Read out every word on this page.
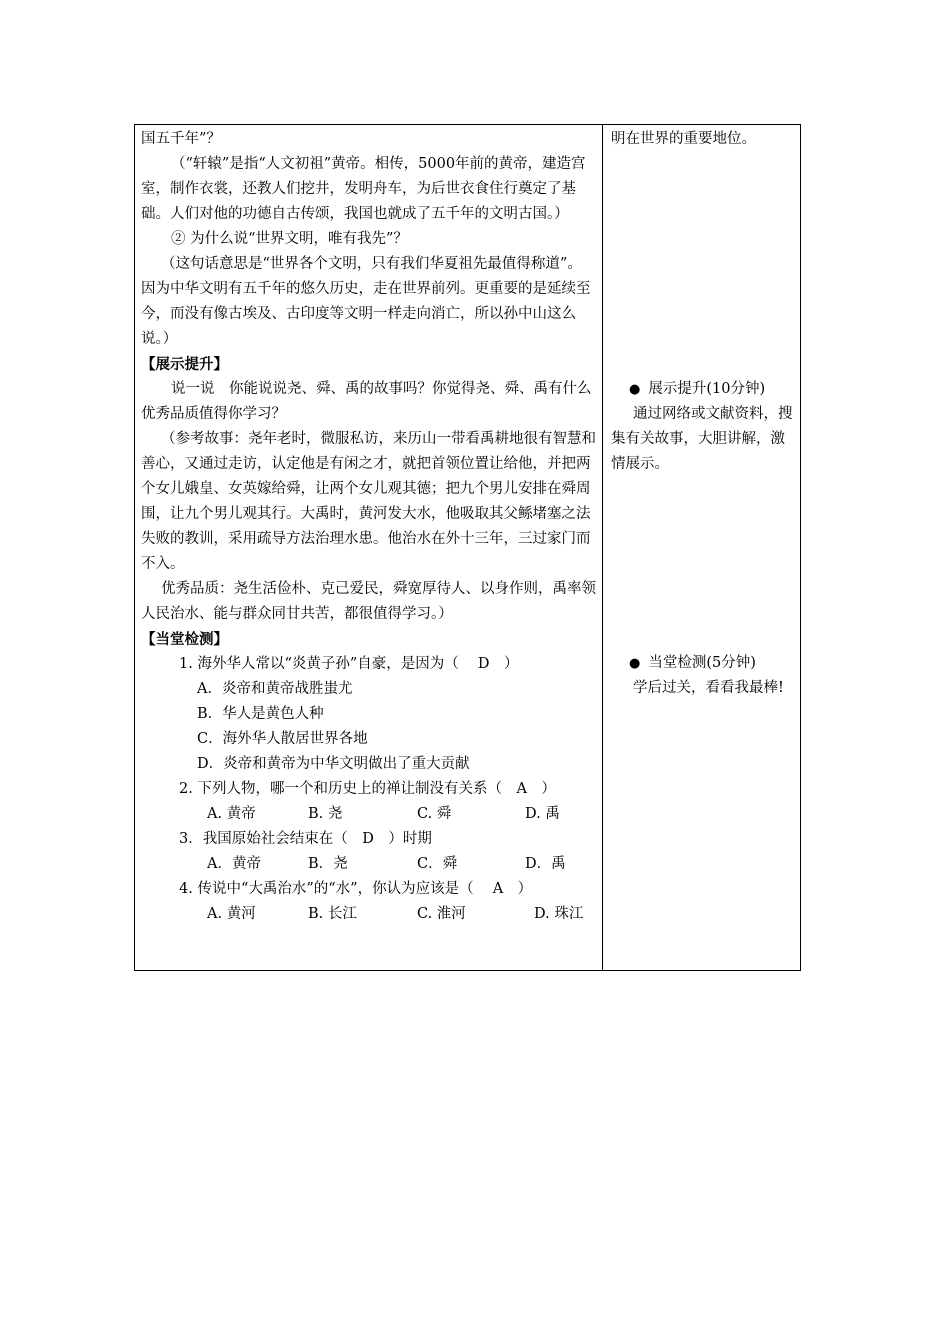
国五千年”？

（“轩辕”是指“人文初祖”黄帝。相传，5000年前的黄帝，建造宫室，制作衣裳，还教人们挖井，发明舟车，为后世衣食住行奠定了基础。人们对他的功德自古传颂，我国也就成了五千年的文明古国。）

② 为什么说“世界文明，唯有我先”？

（这句话意思是“世界各个文明，只有我们华夏祖先最值得称道”。因为中华文明有五千年的悠久历史，走在世界前列。更重要的是延续至今，而没有像古埃及、古印度等文明一样走向消亡，所以孙中山这么说。）

【展示提升】

说一说　你能说说尧、舜、禹的故事吗？你觉得尧、舜、禹有什么优秀品质值得你学习？

（参考故事：尧年老时，微服私访，来历山一带看禹耕地很有智慧和善心，又通过走访，认定他是有闲之才，就把首领位置让给他，并把两个女儿娥皇、女英嫁给舜，让两个女儿观其德；把九个男儿安排在舜周围，让九个男儿观其行。大禹时，黄河发大水，他吸取其父鲧堵塞之法失败的教训，采用疏导方法治理水患。他治水在外十三年，三过家门而不入。

优秀品质：尧生活俭朴、克己爱民，舜宽厚待人、以身作则，禹率领人民治水、能与群众同甘共苦，都很值得学习。）

【当堂检测】

1. 海外华人常以“炎黄子孙”自豪，是因为（　 D　）

A．炎帝和黄帝战胜蚩尤

B．华人是黄色人种

C．海外华人散居世界各地

D．炎帝和黄帝为中华文明做出了重大贡献

2. 下列人物，哪一个和历史上的禅让制没有关系（　A　）

A. 黄帝	B. 尧	C. 舜	D. 禹

3．我国原始社会结束在（　D　）时期

A．黄帝	B．尧	C．舜	D．禹

4. 传说中“大禹治水”的“水”，你认为应该是（　 A　）

A. 黄河	B. 长江	C. 淮河	D. 珠江

明在世界的重要地位。

● 展示提升(10分钟)

通过网络或文献资料，搜集有关故事，大胆讲解，激情展示。

● 当堂检测(5分钟)

学后过关，看看我最棒!
